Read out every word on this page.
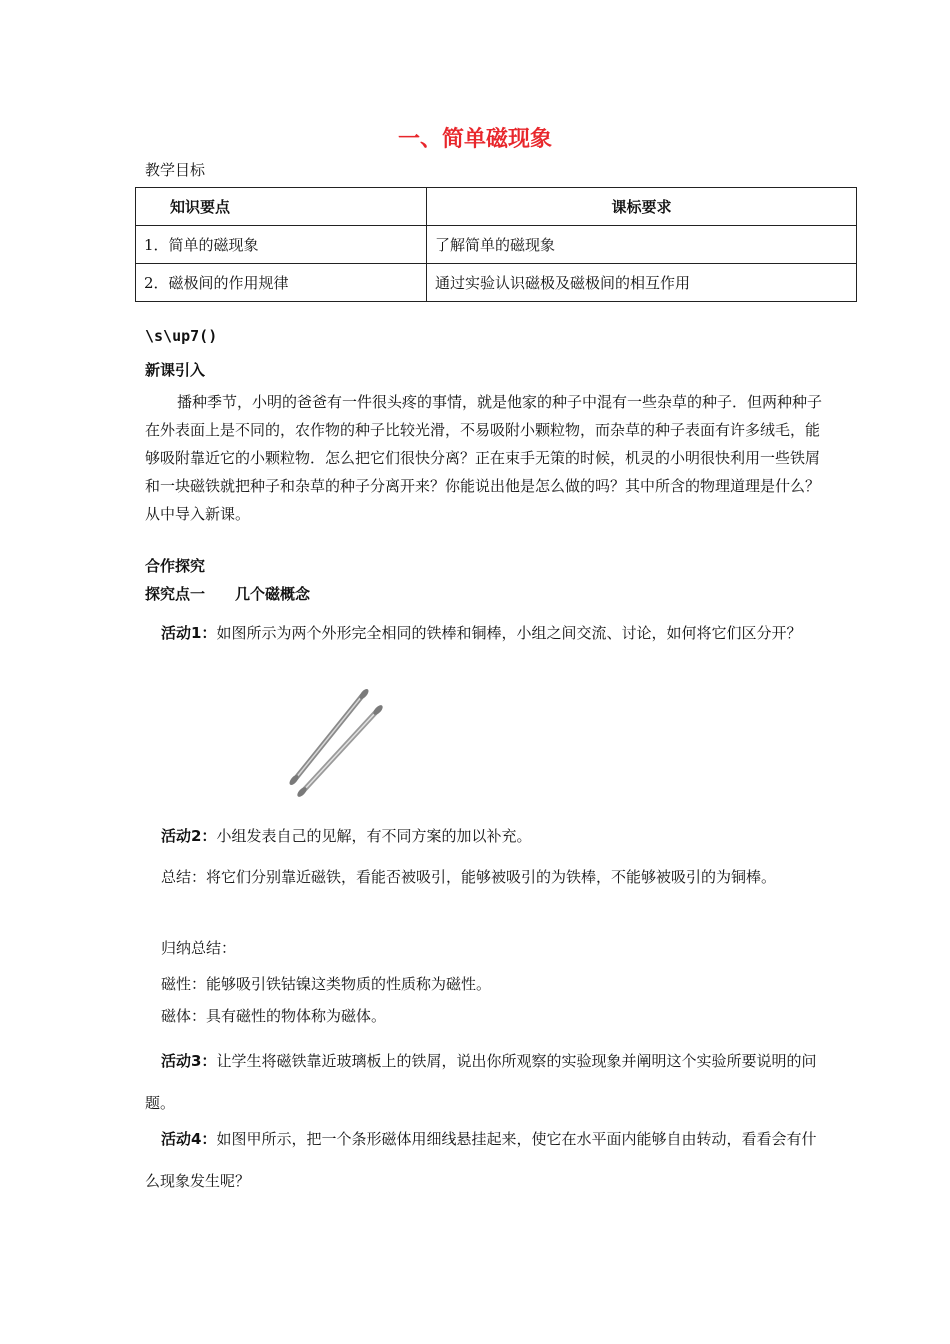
一、简单磁现象
教学目标
知识要点	课标要求
1．简单的磁现象	了解简单的磁现象
2．磁极间的作用规律	通过实验认识磁极及磁极间的相互作用
\s\up7()
新课引入
播种季节，小明的爸爸有一件很头疼的事情，就是他家的种子中混有一些杂草的种子．但两种种子在外表面上是不同的，农作物的种子比较光滑，不易吸附小颗粒物，而杂草的种子表面有许多绒毛，能够吸附靠近它的小颗粒物．怎么把它们很快分离？正在束手无策的时候，机灵的小明很快利用一些铁屑和一块磁铁就把种子和杂草的种子分离开来？你能说出他是怎么做的吗？其中所含的物理道理是什么？从中导入新课。
合作探究
探究点一　　几个磁概念
活动1：如图所示为两个外形完全相同的铁棒和铜棒，小组之间交流、讨论，如何将它们区分开？
活动2：小组发表自己的见解，有不同方案的加以补充。
总结：将它们分别靠近磁铁，看能否被吸引，能够被吸引的为铁棒，不能够被吸引的为铜棒。
归纳总结：
磁性：能够吸引铁钴镍这类物质的性质称为磁性。
磁体：具有磁性的物体称为磁体。
活动3：让学生将磁铁靠近玻璃板上的铁屑，说出你所观察的实验现象并阐明这个实验所要说明的问题。
活动4：如图甲所示，把一个条形磁体用细线悬挂起来，使它在水平面内能够自由转动，看看会有什么现象发生呢？
